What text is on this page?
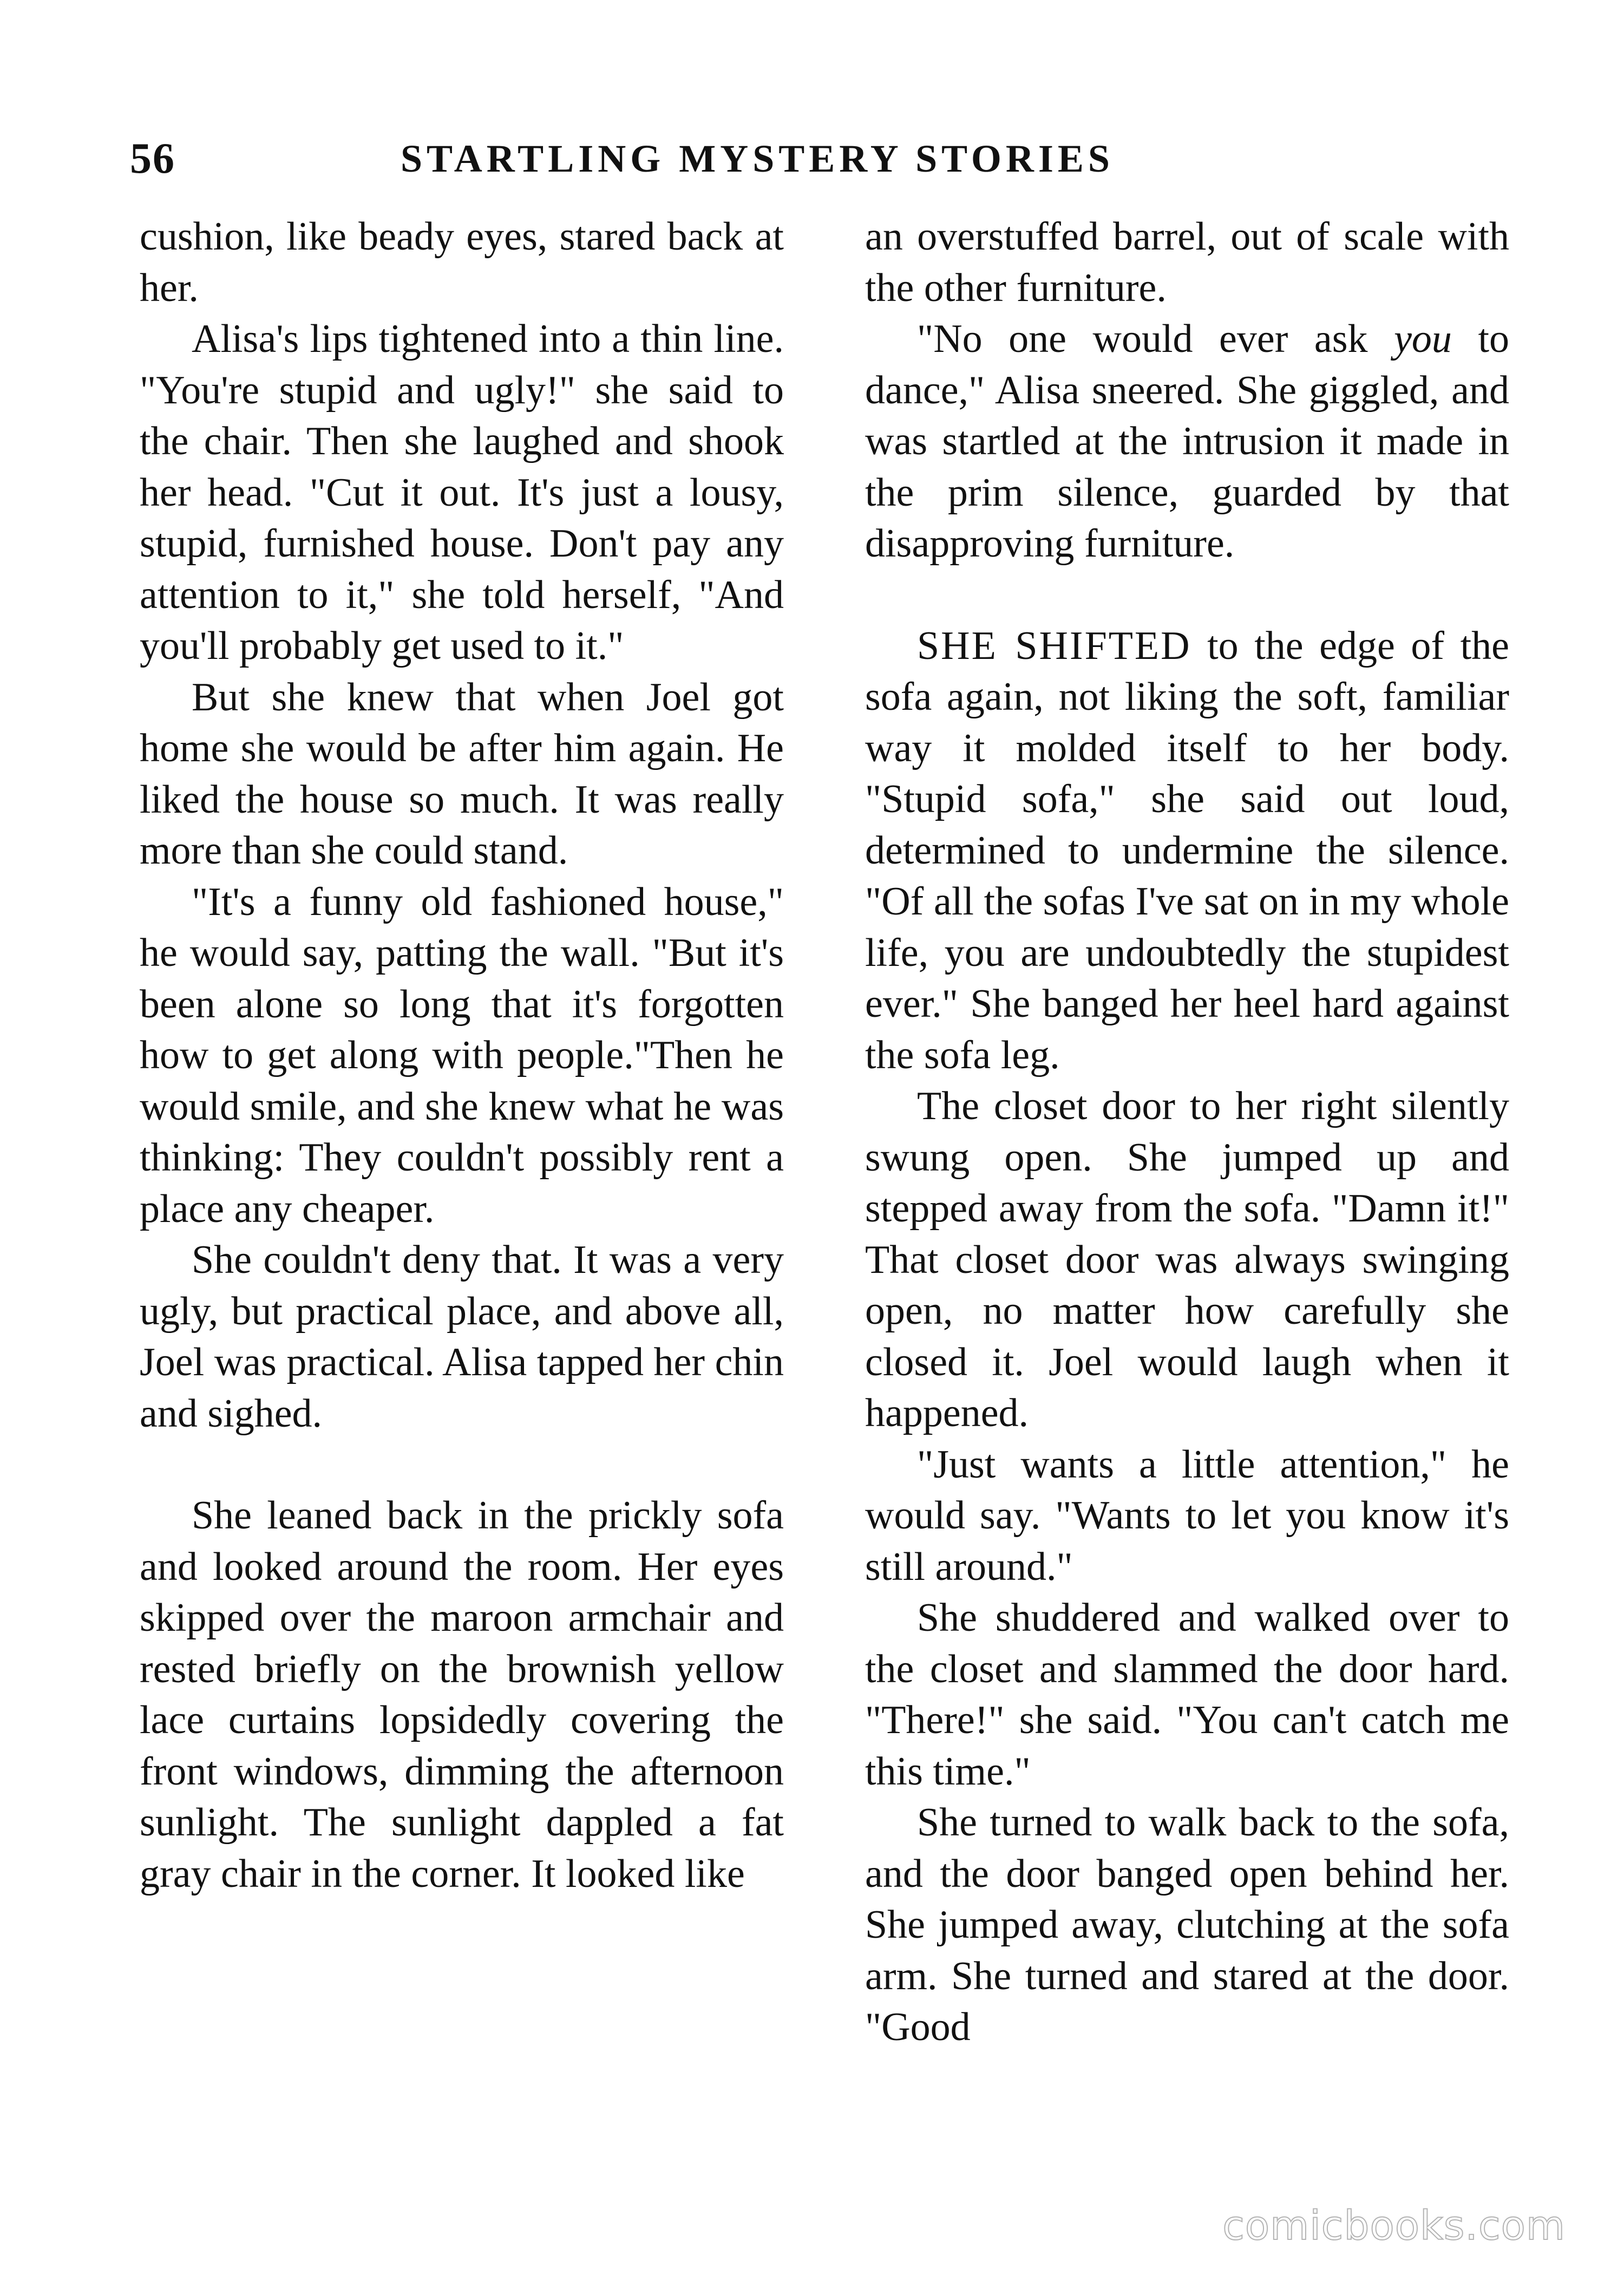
56	STARTLING MYSTERY STORIES

cushion, like beady eyes, stared back at her.

Alisa's lips tightened into a thin line. "You're stupid and ugly!" she said to the chair. Then she laughed and shook her head. "Cut it out. It's just a lousy, stupid, furnished house. Don't pay any attention to it," she told herself, "And you'll probably get used to it."

But she knew that when Joel got home she would be after him again. He liked the house so much. It was really more than she could stand.

"It's a funny old fashioned house," he would say, patting the wall. "But it's been alone so long that it's forgotten how to get along with people."Then he would smile, and she knew what he was thinking: They couldn't possibly rent a place any cheaper.

She couldn't deny that. It was a very ugly, but practical place, and above all, Joel was practical. Alisa tapped her chin and sighed.

She leaned back in the prickly sofa and looked around the room. Her eyes skipped over the maroon armchair and rested briefly on the brownish yellow lace curtains lopsidedly covering the front windows, dimming the afternoon sunlight. The sunlight dappled a fat gray chair in the corner. It looked like

an overstuffed barrel, out of scale with the other furniture.

"No one would ever ask you to dance," Alisa sneered. She giggled, and was startled at the intrusion it made in the prim silence, guarded by that disapproving furniture.

SHE SHIFTED to the edge of the sofa again, not liking the soft, familiar way it molded itself to her body. "Stupid sofa," she said out loud, determined to undermine the silence. "Of all the sofas I've sat on in my whole life, you are undoubtedly the stupidest ever." She banged her heel hard against the sofa leg.

The closet door to her right silently swung open. She jumped up and stepped away from the sofa. "Damn it!" That closet door was always swinging open, no matter how carefully she closed it. Joel would laugh when it happened.

"Just wants a little attention," he would say. "Wants to let you know it's still around."

She shuddered and walked over to the closet and slammed the door hard. "There!" she said. "You can't catch me this time."

She turned to walk back to the sofa, and the door banged open behind her. She jumped away, clutching at the sofa arm. She turned and stared at the door. "Good

comicbooks.com
